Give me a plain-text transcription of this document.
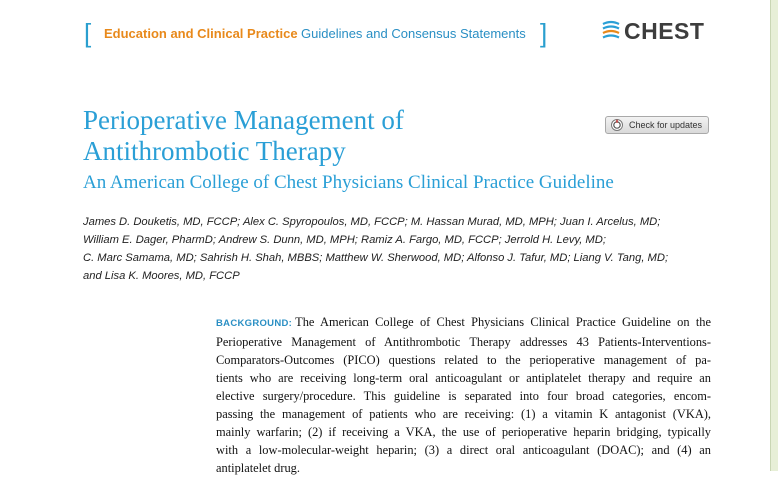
[ Education and Clinical Practice Guidelines and Consensus Statements ]	CHEST
Check for updates
Perioperative Management of
Antithrombotic Therapy
An American College of Chest Physicians Clinical Practice Guideline
James D. Douketis, MD, FCCP; Alex C. Spyropoulos, MD, FCCP; M. Hassan Murad, MD, MPH; Juan I. Arcelus, MD;
William E. Dager, PharmD; Andrew S. Dunn, MD, MPH; Ramiz A. Fargo, MD, FCCP; Jerrold H. Levy, MD;
C. Marc Samama, MD; Sahrish H. Shah, MBBS; Matthew W. Sherwood, MD; Alfonso J. Tafur, MD; Liang V. Tang, MD;
and Lisa K. Moores, MD, FCCP
BACKGROUND: The American College of Chest Physicians Clinical Practice Guideline on the
Perioperative Management of Antithrombotic Therapy addresses 43 Patients-Interventions-
Comparators-Outcomes (PICO) questions related to the perioperative management of pa-
tients who are receiving long-term oral anticoagulant or antiplatelet therapy and require an
elective surgery/procedure. This guideline is separated into four broad categories, encom-
passing the management of patients who are receiving: (1) a vitamin K antagonist (VKA),
mainly warfarin; (2) if receiving a VKA, the use of perioperative heparin bridging, typically
with a low-molecular-weight heparin; (3) a direct oral anticoagulant (DOAC); and (4) an
antiplatelet drug.
